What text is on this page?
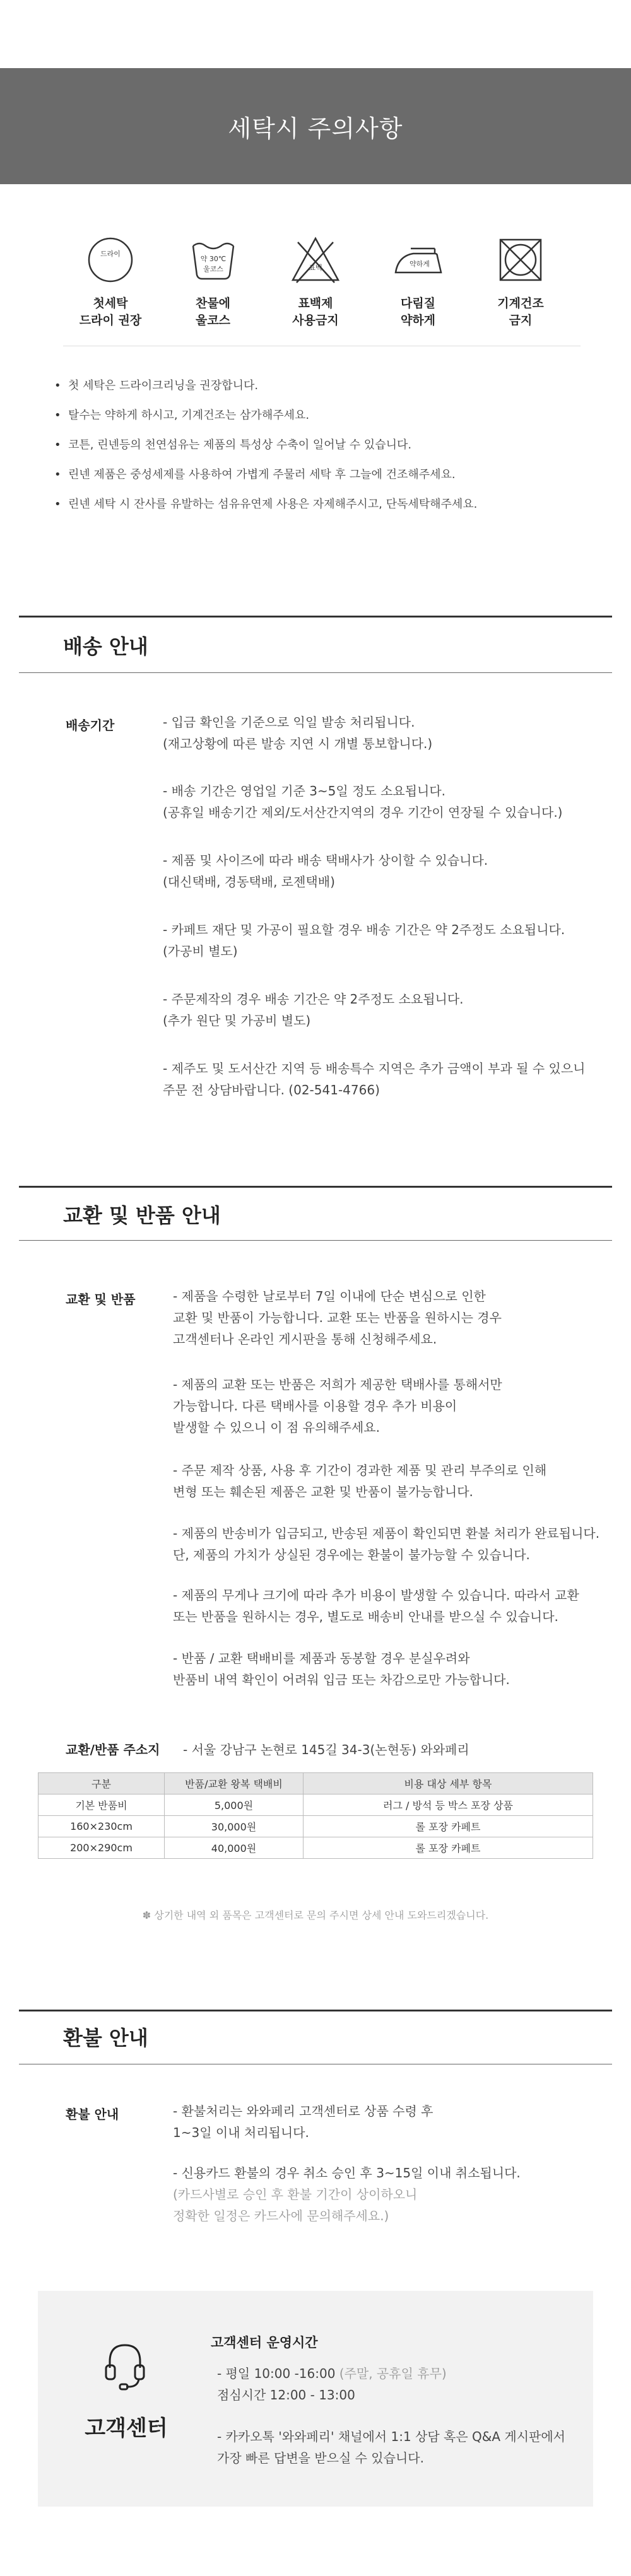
세탁시 주의사항
드라이
첫세탁
드라이 권장
약 30℃
울코스
찬물에
울코스
표백
표백제
사용금지
약하게
다림질
약하게
기계건조
금지
• 첫 세탁은 드라이크리닝을 권장합니다.
• 탈수는 약하게 하시고, 기계건조는 삼가해주세요.
• 코튼, 린넨등의 천연섬유는 제품의 특성상 수축이 일어날 수 있습니다.
• 린넨 제품은 중성세제를 사용하여 가볍게 주물러 세탁 후 그늘에 건조해주세요.
• 린넨 세탁 시 잔사를 유발하는 섬유유연제 사용은 자제해주시고, 단독세탁해주세요.
배송 안내
배송기간	- 입금 확인을 기준으로 익일 발송 처리됩니다.
(재고상황에 따른 발송 지연 시 개별 통보합니다.)
- 배송 기간은 영업일 기준 3~5일 정도 소요됩니다.
(공휴일 배송기간 제외/도서산간지역의 경우 기간이 연장될 수 있습니다.)
- 제품 및 사이즈에 따라 배송 택배사가 상이할 수 있습니다.
(대신택배, 경동택배, 로젠택배)
- 카페트 재단 및 가공이 필요할 경우 배송 기간은 약 2주정도 소요됩니다.
(가공비 별도)
- 주문제작의 경우 배송 기간은 약 2주정도 소요됩니다.
(추가 원단 및 가공비 별도)
- 제주도 및 도서산간 지역 등 배송특수 지역은 추가 금액이 부과 될 수 있으니
주문 전 상담바랍니다. (02-541-4766)
교환 및 반품 안내
교환 및 반품	- 제품을 수령한 날로부터 7일 이내에 단순 변심으로 인한
교환 및 반품이 가능합니다. 교환 또는 반품을 원하시는 경우
고객센터나 온라인 게시판을 통해 신청해주세요.
- 제품의 교환 또는 반품은 저희가 제공한 택배사를 통해서만
가능합니다. 다른 택배사를 이용할 경우 추가 비용이
발생할 수 있으니 이 점 유의해주세요.
- 주문 제작 상품, 사용 후 기간이 경과한 제품 및 관리 부주의로 인해
변형 또는 훼손된 제품은 교환 및 반품이 불가능합니다.
- 제품의 반송비가 입금되고, 반송된 제품이 확인되면 환불 처리가 완료됩니다.
단, 제품의 가치가 상실된 경우에는 환불이 불가능할 수 있습니다.
- 제품의 무게나 크기에 따라 추가 비용이 발생할 수 있습니다. 따라서 교환
또는 반품을 원하시는 경우, 별도로 배송비 안내를 받으실 수 있습니다.
- 반품 / 교환 택배비를 제품과 동봉할 경우 분실우려와
반품비 내역 확인이 어려워 입금 또는 차감으로만 가능합니다.
교환/반품 주소지 - 서울 강남구 논현로 145길 34-3(논현동) 와와페리
구분	반품/교환 왕복 택배비	비용 대상 세부 항목
기본 반품비	5,000원	러그 / 방석 등 박스 포장 상품
160×230cm	30,000원	롤 포장 카페트
200×290cm	40,000원	롤 포장 카페트
✽ 상기한 내역 외 품목은 고객센터로 문의 주시면 상세 안내 도와드리겠습니다.
환불 안내
환불 안내	- 환불처리는 와와페리 고객센터로 상품 수령 후
1~3일 이내 처리됩니다.
- 신용카드 환불의 경우 취소 승인 후 3~15일 이내 취소됩니다.
(카드사별로 승인 후 환불 기간이 상이하오니
정확한 일정은 카드사에 문의해주세요.)
고객센터
고객센터 운영시간
- 평일 10:00 -16:00 (주말, 공휴일 휴무)
점심시간 12:00 - 13:00
- 카카오톡 '와와페리' 채널에서 1:1 상담 혹은 Q&A 게시판에서
가장 빠른 답변을 받으실 수 있습니다.
